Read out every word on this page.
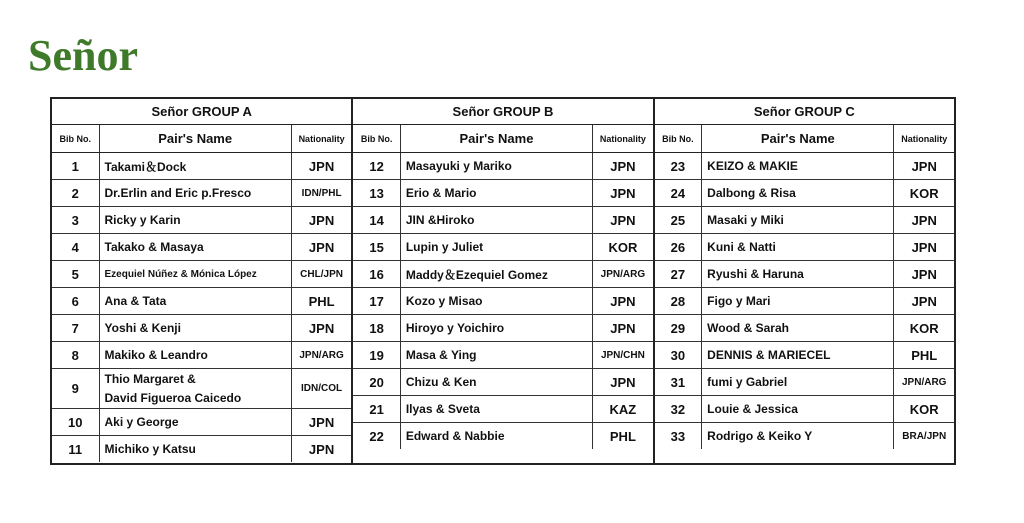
Señor
Señor GROUP A		
Bib No.	Pair's Name	Nationality
1	Takami＆Dock	JPN
2	Dr.Erlin and Eric p.Fresco	IDN/PHL
3	Ricky y Karin	JPN
4	Takako & Masaya	JPN
5	Ezequiel Núñez & Mónica López	CHL/JPN
6	Ana & Tata	PHL
7	Yoshi & Kenji	JPN
8	Makiko & Leandro	JPN/ARG
9	Thio Margaret &
David Figueroa Caicedo	IDN/COL
10	Aki y George	JPN
11	Michiko y Katsu	JPN
Señor GROUP B		
Bib No.	Pair's Name	Nationality
12	Masayuki y Mariko	JPN
13	Erio & Mario	JPN
14	JIN &Hiroko	JPN
15	Lupin y Juliet	KOR
16	Maddy＆Ezequiel Gomez	JPN/ARG
17	Kozo y Misao	JPN
18	Hiroyo y Yoichiro	JPN
19	Masa & Ying	JPN/CHN
20	Chizu & Ken	JPN
21	Ilyas & Sveta	KAZ
22	Edward & Nabbie	PHL
Señor GROUP C		
Bib No.	Pair's Name	Nationality
23	KEIZO & MAKIE	JPN
24	Dalbong & Risa	KOR
25	Masaki y Miki	JPN
26	Kuni & Natti	JPN
27	Ryushi & Haruna	JPN
28	Figo y Mari	JPN
29	Wood & Sarah	KOR
30	DENNIS & MARIECEL	PHL
31	fumi y Gabriel	JPN/ARG
32	Louie & Jessica	KOR
33	Rodrigo & Keiko Y	BRA/JPN
